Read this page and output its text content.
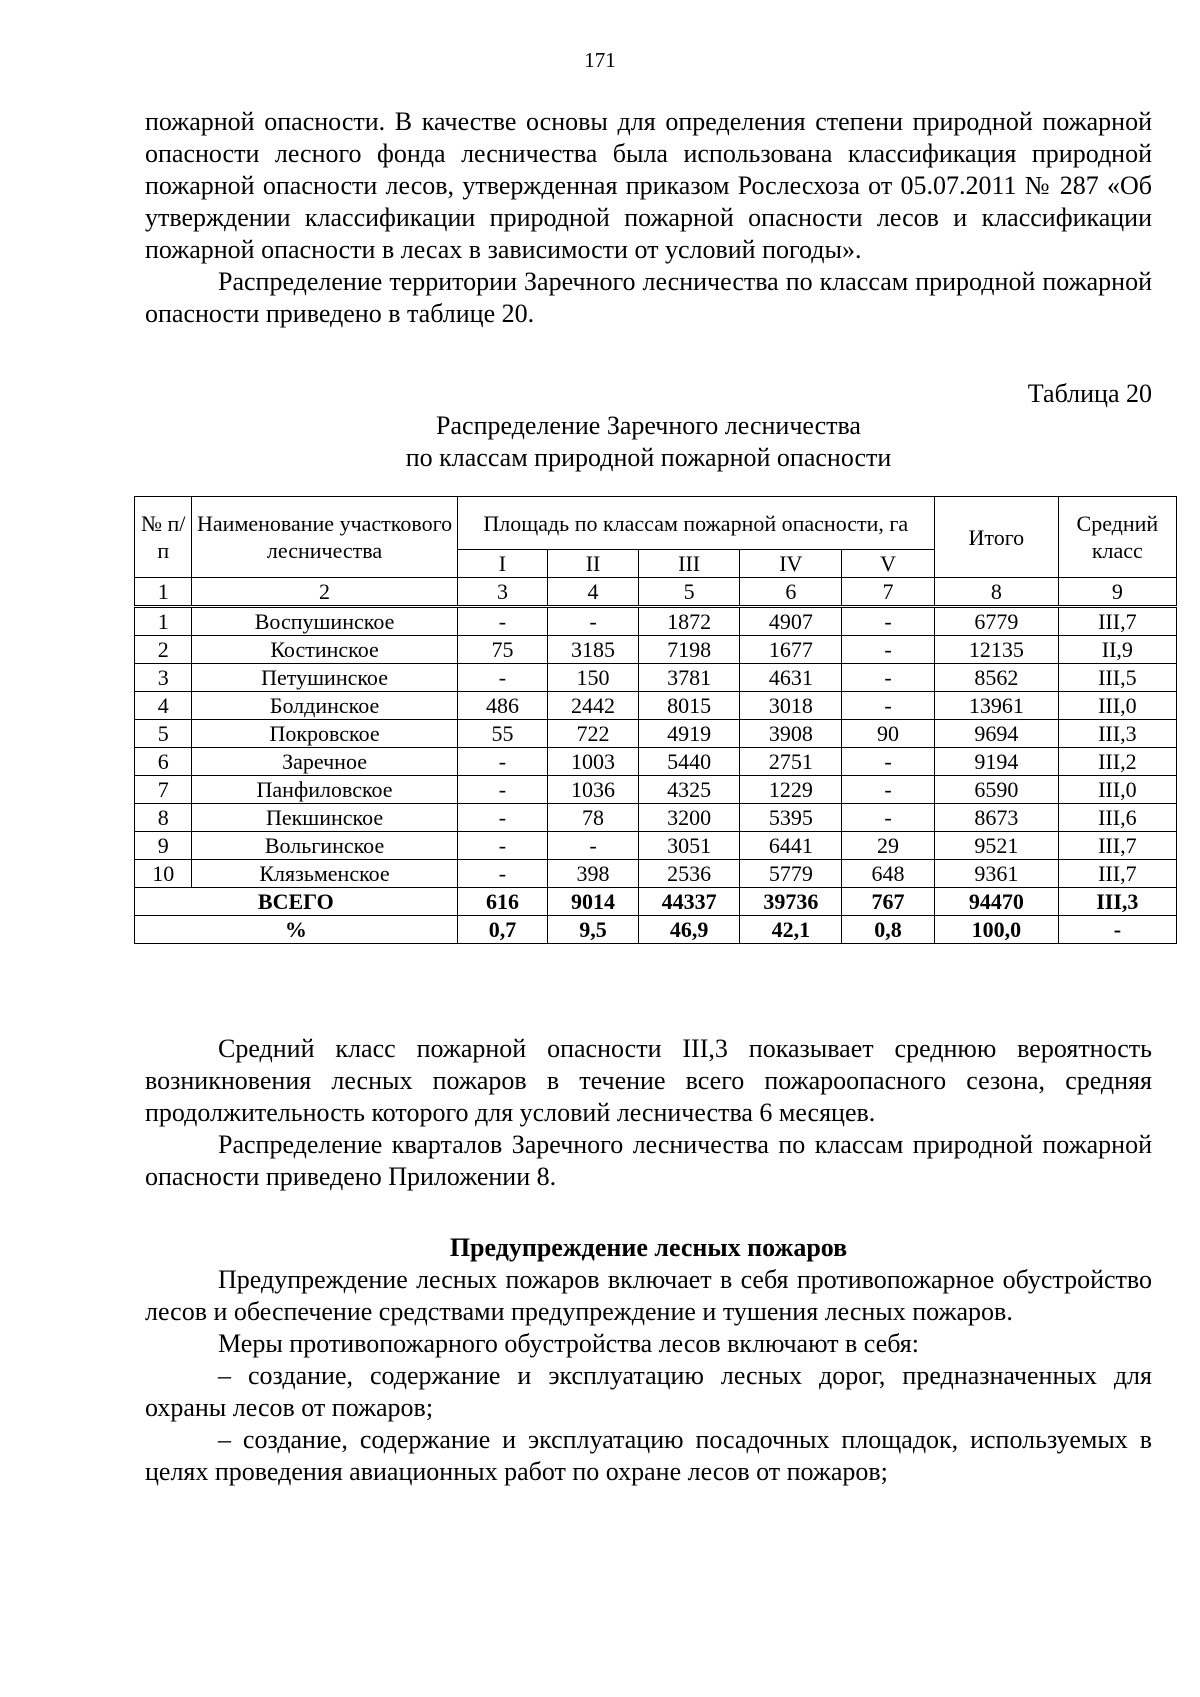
171

пожарной опасности. В качестве основы для определения степени природной пожарной опасности лесного фонда лесничества была использована классификация природной пожарной опасности лесов, утвержденная приказом Рослесхоза от 05.07.2011 № 287 «Об утверждении классификации природной пожарной опасности лесов и классификации пожарной опасности в лесах в зависимости от условий погоды».

Распределение территории Заречного лесничества по классам природной пожарной опасности приведено в таблице 20.

Таблица 20

Распределение Заречного лесничества

по классам природной пожарной опасности

№ п/п	Наименование участкового лесничества	Площадь по классам пожарной опасности, га					Итого	Средний класс
		I	II	III	IV	V		
1	2	3	4	5	6	7	8	9
1	Воспушинское	-	-	1872	4907	-	6779	III,7
2	Костинское	75	3185	7198	1677	-	12135	II,9
3	Петушинское	-	150	3781	4631	-	8562	III,5
4	Болдинское	486	2442	8015	3018	-	13961	III,0
5	Покровское	55	722	4919	3908	90	9694	III,3
6	Заречное	-	1003	5440	2751	-	9194	III,2
7	Панфиловское	-	1036	4325	1229	-	6590	III,0
8	Пекшинское	-	78	3200	5395	-	8673	III,6
9	Вольгинское	-	-	3051	6441	29	9521	III,7
10	Клязьменское	-	398	2536	5779	648	9361	III,7
ВСЕГО		616	9014	44337	39736	767	94470	III,3
%		0,7	9,5	46,9	42,1	0,8	100,0	-

Средний класс пожарной опасности III,3 показывает среднюю вероятность возникновения лесных пожаров в течение всего пожароопасного сезона, средняя продолжительность которого для условий лесничества 6 месяцев.

Распределение кварталов Заречного лесничества по классам природной пожарной опасности приведено Приложении 8.

Предупреждение лесных пожаров

Предупреждение лесных пожаров включает в себя противопожарное обустройство лесов и обеспечение средствами предупреждение и тушения лесных пожаров.

Меры противопожарного обустройства лесов включают в себя:

– создание, содержание и эксплуатацию лесных дорог, предназначенных для охраны лесов от пожаров;

– создание, содержание и эксплуатацию посадочных площадок, используемых в целях проведения авиационных работ по охране лесов от пожаров;
